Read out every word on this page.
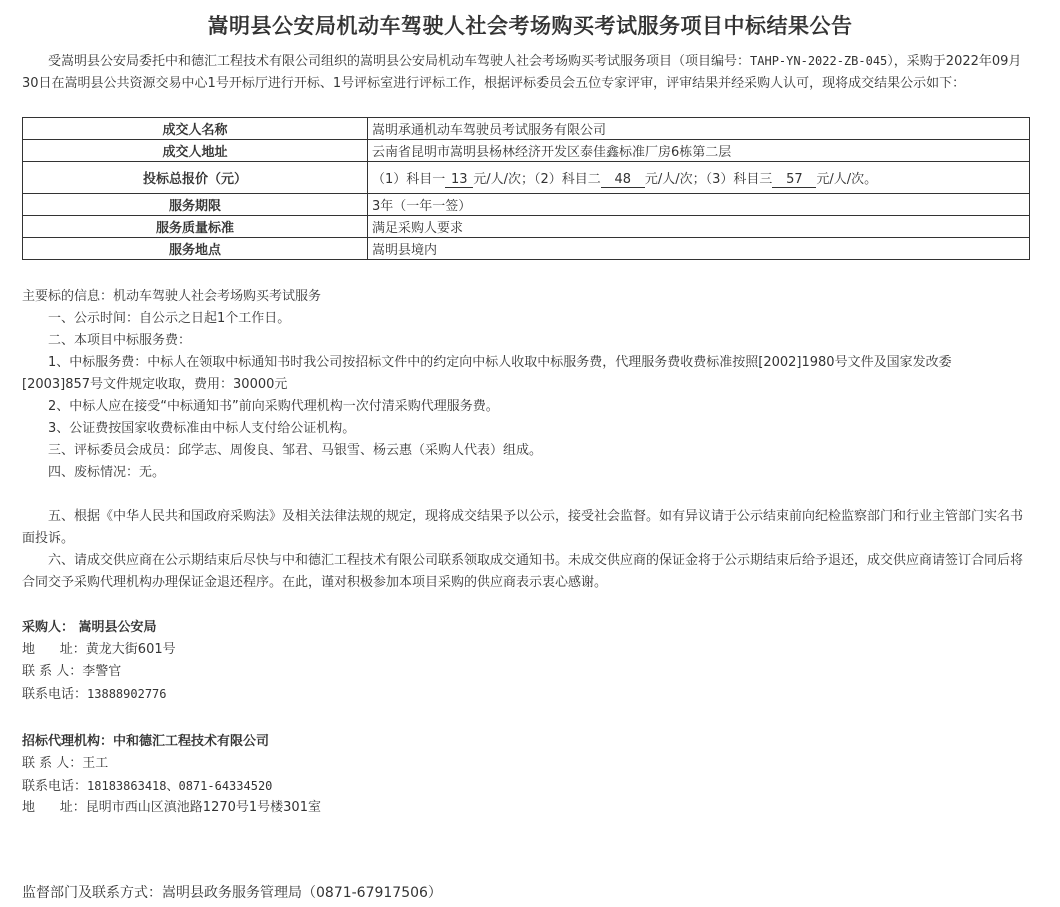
嵩明县公安局机动车驾驶人社会考场购买考试服务项目中标结果公告
受嵩明县公安局委托中和德汇工程技术有限公司组织的嵩明县公安局机动车驾驶人社会考场购买考试服务项目（项目编号：TAHP-YN-2022-ZB-045），采购于2022年09月30日在嵩明县公共资源交易中心1号开标厅进行开标、1号评标室进行评标工作，根据评标委员会五位专家评审，评审结果并经采购人认可，现将成交结果公示如下：
成交人名称	嵩明承通机动车驾驶员考试服务有限公司
成交人地址	云南省昆明市嵩明县杨林经济开发区泰佳鑫标准厂房6栋第二层
投标总报价（元）	（1）科目一 13 元/人/次；（2）科目二 48 元/人/次；（3）科目三 57 元/人/次。
服务期限	3年（一年一签）
服务质量标准	满足采购人要求
服务地点	嵩明县境内
主要标的信息：机动车驾驶人社会考场购买考试服务
一、公示时间：自公示之日起1个工作日。
二、本项目中标服务费：
1、中标服务费：中标人在领取中标通知书时我公司按招标文件中的约定向中标人收取中标服务费，代理服务费收费标准按照[2002]1980号文件及国家发改委
[2003]857号文件规定收取，费用：30000元
2、中标人应在接受“中标通知书”前向采购代理机构一次付清采购代理服务费。
3、公证费按国家收费标准由中标人支付给公证机构。
三、评标委员会成员：邱学志、周俊良、邹君、马银雪、杨云惠（采购人代表）组成。
四、废标情况：无。
五、根据《中华人民共和国政府采购法》及相关法律法规的规定，现将成交结果予以公示，接受社会监督。如有异议请于公示结束前向纪检监察部门和行业主管部门实名书面投诉。
六、请成交供应商在公示期结束后尽快与中和德汇工程技术有限公司联系领取成交通知书。未成交供应商的保证金将于公示期结束后给予退还，成交供应商请签订合同后将合同交予采购代理机构办理保证金退还程序。在此，谨对积极参加本项目采购的供应商表示衷心感谢。
采购人： 嵩明县公安局
地      址：黄龙大街601号
联 系 人：李警官
联系电话：13888902776
招标代理机构：中和德汇工程技术有限公司
联 系 人：王工
联系电话：18183863418、0871-64334520
地      址：昆明市西山区滇池路1270号1号楼301室
监督部门及联系方式：嵩明县政务服务管理局（0871-67917506）
